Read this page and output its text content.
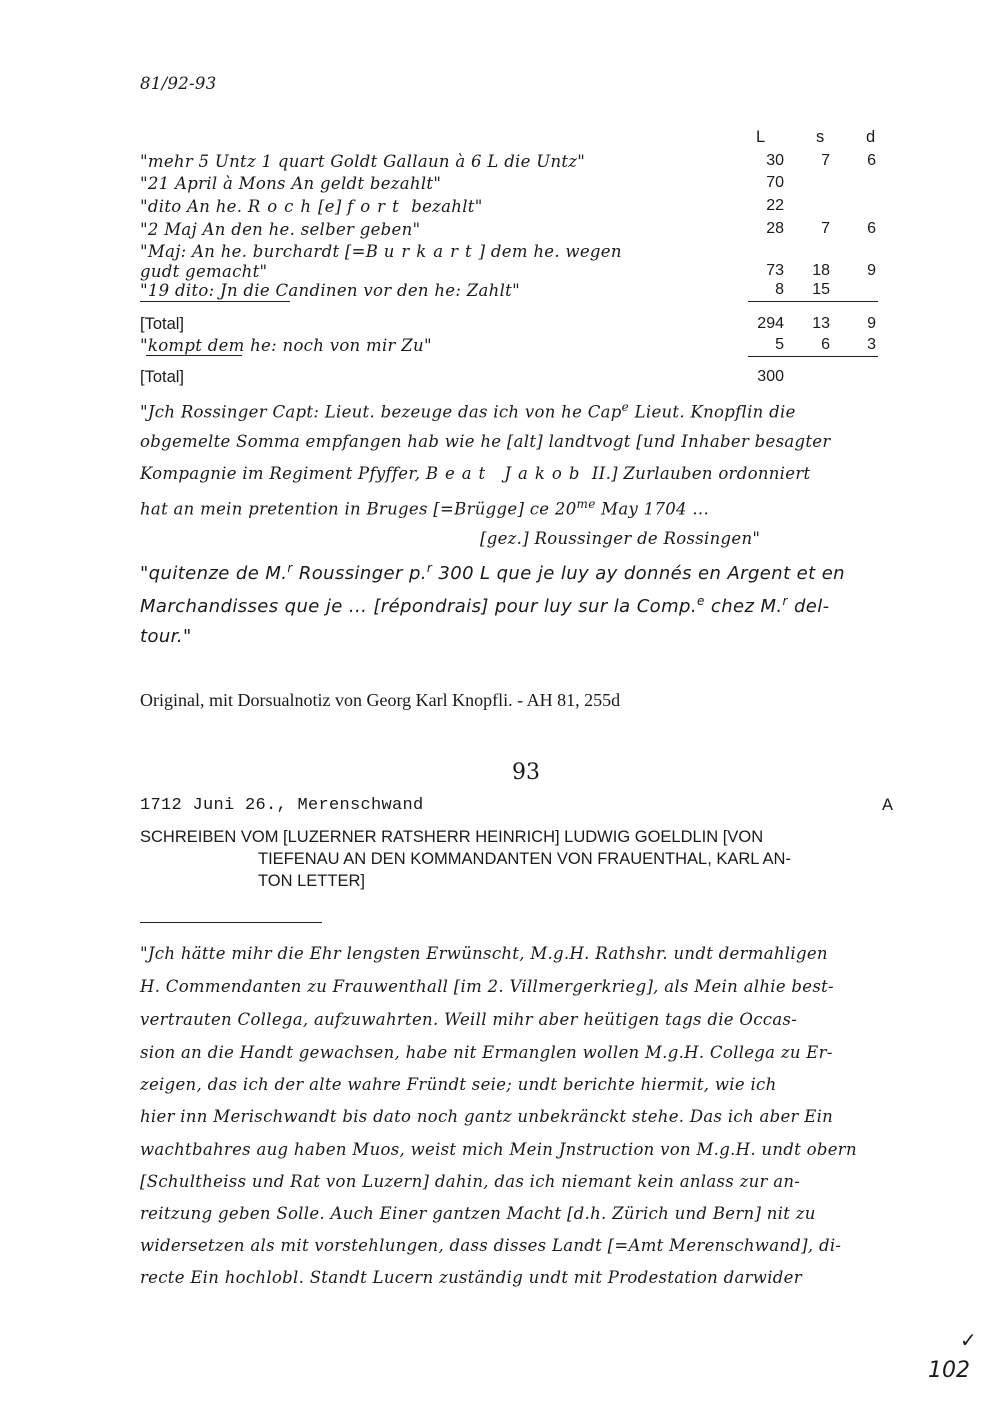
81/92-93
L	s	d
"mehr 5 Untz 1 quart Goldt Gallaun à 6 L die Untz"	30	7	6
"21 April à Mons An geldt bezahlt"	70
"dito An he. Roch[e] fort bezahlt"	22
"2 Maj An den he. selber geben"	28	7	6
"Maj: An he. burchardt [=B urkart] dem he. wegen
gudt gemacht"	73	18	9
"19 dito: Jn die Candinen vor den he: Zahlt"	8	15
[Total]	294	13	9
"kompt dem he: noch von mir Zu"	5	6	3
[Total]	300
"Jch Rossinger Capt: Lieut. bezeuge das ich von he Cap$^e$ Lieut. Knopflin die
obgemelte Somma empfangen hab wie he [alt] landtvogt [und Inhaber besagter
Kompagnie im Regiment Pfyffer, Beat Jakob II.] Zurlauben ordonniert
hat an mein pretention in Bruges [=Brügge] ce $20^{me}$ May 1704 ...
[gez.] Roussinger de Rossingen"
"quitenze de M.$^r$ Roussinger p.$^r$ 300 L que je luy ay donnés en Argent et en
Marchandisses que je ... [répondrais] pour luy sur la Comp.$^e$ chez M.$^r$ del-
tour."
Original, mit Dorsualnotiz von Georg Karl Knopfli. - AH 81, 255d
93
1712 Juni 26., Merenschwand	A
SCHREIBEN VOM [LUZERNER RATSHERR HEINRICH] LUDWIG GOELDLIN [VON
TIEFENAU AN DEN KOMMANDANTEN VON FRAUENTHAL, KARL AN-
TON LETTER]
"Jch hätte mihr die Ehr lengsten Erwünscht, M.g.H. Rathshr. undt dermahligen
H. Commendanten zu Frauwenthall [im 2. Villmergerkrieg], als Mein alhie best-
vertrauten Collega, aufzuwahrten. Weill mihr aber heütigen tags die Occas-
sion an die Handt gewachsen, habe nit Ermanglen wollen M.g.H. Collega zu Er-
zeigen, das ich der alte wahre Fründt seie; undt berichte hiermit, wie ich
hier inn Merischwandt bis dato noch gantz unbekränckt stehe. Das ich aber Ein
wachtbahres aug haben Muos, weist mich Mein Jnstruction von M.g.H. undt obern
[Schultheiss und Rat von Luzern] dahin, das ich niemant kein anlass zur an-
reitzung geben Solle. Auch Einer gantzen Macht [d.h. Zürich und Bern] nit zu
widersetzen als mit vorstehlungen, dass disses Landt [=Amt Merenschwand], di-
recte Ein hochlobl. Standt Lucern zuständig undt mit Prodestation darwider
✓
102
